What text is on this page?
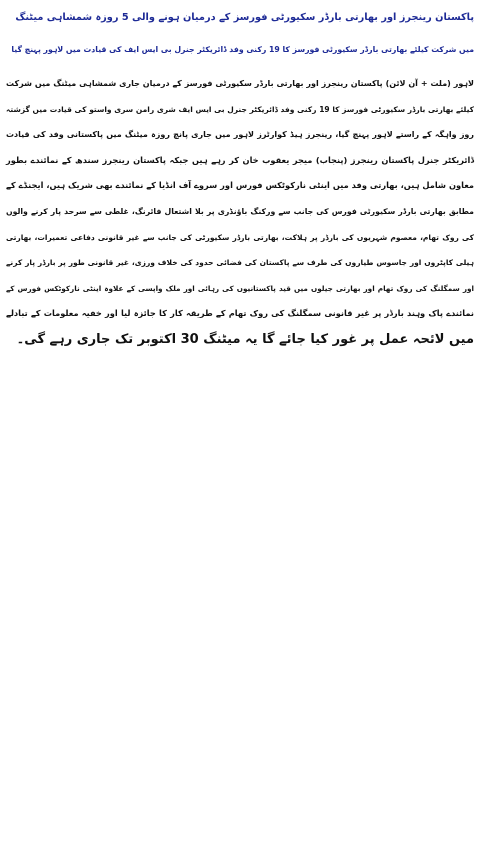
پاکستان رینجرز اور بھارتی بارڈر سکیورٹی فورسز کے درمیان ہونے والی 5 روزہ شمشاہی میٹنگ
میں شرکت کیلئے بھارتی بارڈر سکیورٹی فورسز کا 19 رکنی وفد ڈائریکٹر جنرل بی ایس ایف کی قیادت میں لاہور پہنچ گیا
لاہور (ملت + آن لائن) پاکستان رینجرز اور بھارتی بارڈر سکیورٹی فورسز کے درمیان جاری شمشاہی میٹنگ میں شرکت
کیلئے بھارتی بارڈر سکیورٹی فورسز کا 19 رکنی وفد ڈائریکٹر جنرل بی ایس ایف شری رامن سری واستو کی قیادت میں گزشتہ
روز واہگہ کے راستے لاہور پہنچ گیا، رینجرز ہیڈ کوارٹرز لاہور میں جاری پانچ روزہ میٹنگ میں پاکستانی وفد کی قیادت
ڈائریکٹر جنرل پاکستان رینجرز (پنجاب) میجر یعقوب خان کر رہے ہیں جبکہ پاکستان رینجرز سندھ کے نمائندے بطور
معاون شامل ہیں، بھارتی وفد میں اینٹی نارکوٹکس فورس اور سروے آف انڈیا کے نمائندے بھی شریک ہیں، ایجنڈے کے
مطابق بھارتی بارڈر سکیورٹی فورس کی جانب سے ورکنگ باؤنڈری پر بلا اشتعال فائرنگ، غلطی سے سرحد پار کرنے والوں
کی روک تھام، معصوم شہریوں کی بارڈر پر ہلاکت، بھارتی بارڈر سکیورٹی کی جانب سے غیر قانونی دفاعی تعمیرات، بھارتی
ہیلی کاپٹروں اور جاسوس طیاروں کی طرف سے پاکستان کی فضائی حدود کی خلاف ورزی، غیر قانونی طور پر بارڈر پار کرنے
اور سمگلنگ کی روک تھام اور بھارتی جیلوں میں قید پاکستانیوں کی رہائی اور ملک واپسی کے علاوہ اینٹی نارکوٹکس فورس کے
نمائندے پاک وہند بارڈر پر غیر قانونی سمگلنگ کی روک تھام کے طریقہ کار کا جائزہ لیا اور خفیہ معلومات کے تبادلے
میں لائحہ عمل پر غور کیا جائے گا یہ میٹنگ 30 اکتوبر تک جاری رہے گی۔
